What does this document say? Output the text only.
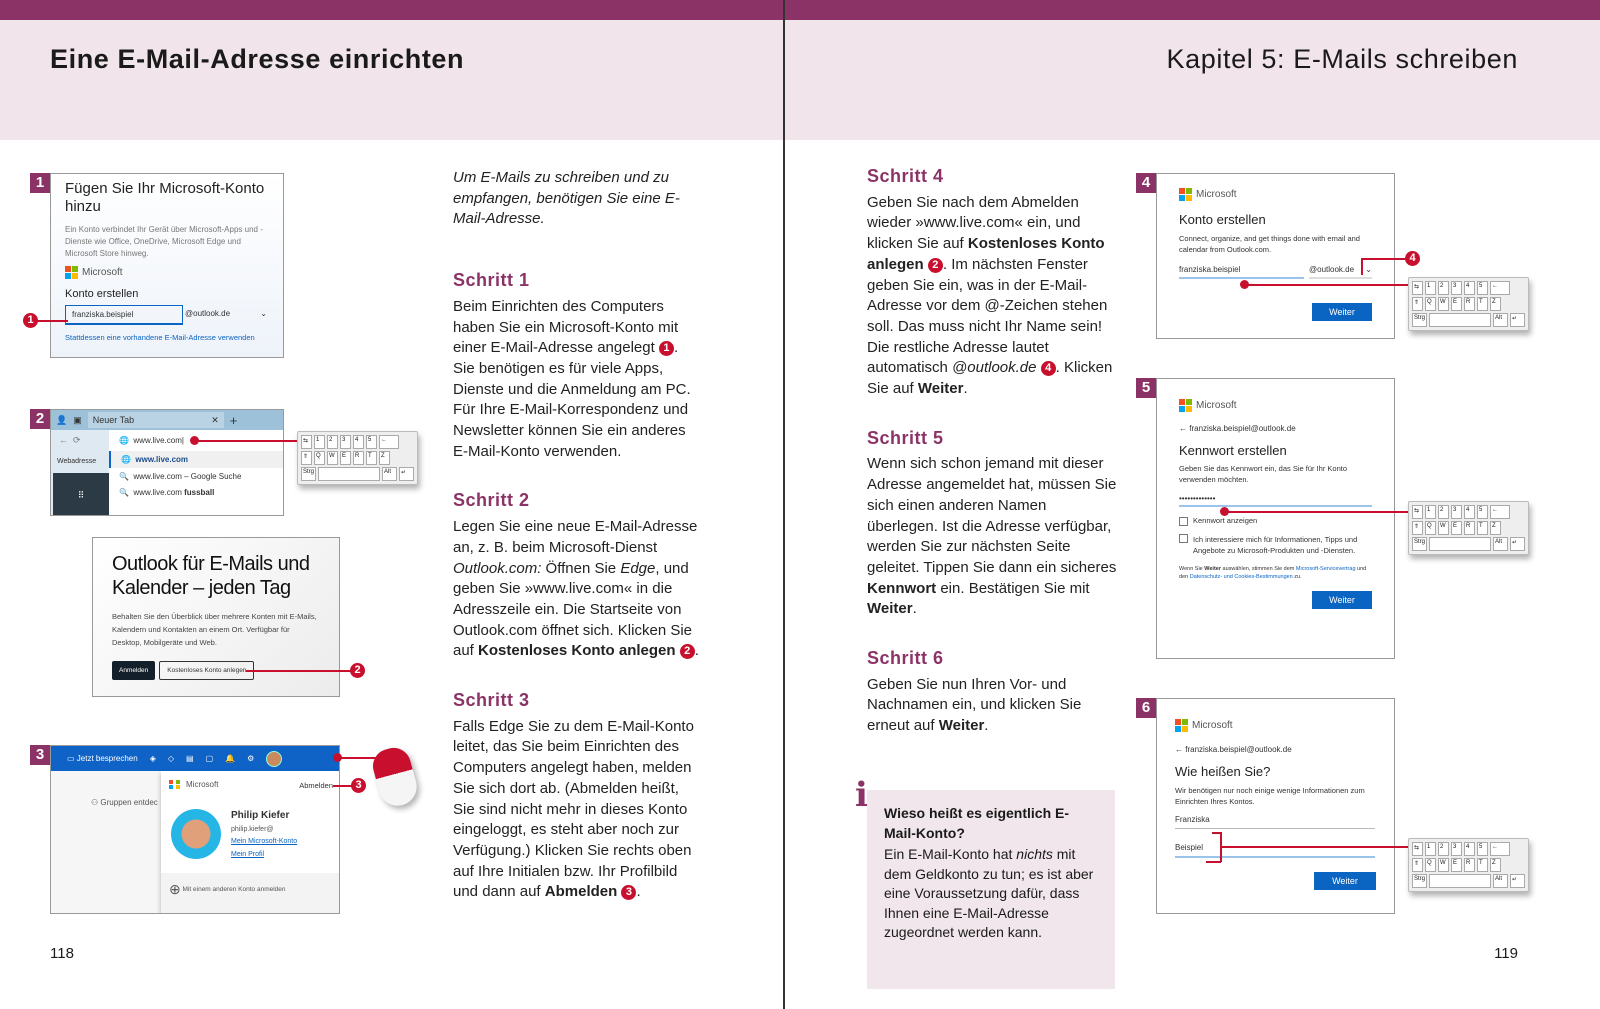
Eine E-Mail-Adresse einrichten	Kapitel 5: E-Mails schreiben

Um E-Mails zu schreiben und zu empfangen, benötigen Sie eine E-Mail-Adresse.

Schritt 1

Beim Einrichten des Computers haben Sie ein Microsoft-Konto mit einer E-Mail-Adresse angelegt 1 . Sie benötigen es für viele Apps, Dienste und die Anmeldung am PC. Für Ihre E-Mail-Korrespondenz und Newsletter können Sie ein anderes E-Mail-Konto verwenden.

Schritt 2

Legen Sie eine neue E-Mail-Adresse an, z. B. beim Microsoft-Dienst Outlook.com: Öffnen Sie Edge, und geben Sie »www.live.com« in die Adresszeile ein. Die Startseite von Outlook.com öffnet sich. Klicken Sie auf Kostenloses Konto anlegen 2 .

Schritt 3

Falls Edge Sie zu dem E-Mail-Konto leitet, das Sie beim Einrichten des Computers angelegt haben, melden Sie sich dort ab. (Abmelden heißt, Sie sind nicht mehr in dieses Konto eingeloggt, es steht aber noch zur Verfügung.) Klicken Sie rechts oben auf Ihre Initialen bzw. Ihr Profilbild und dann auf Abmelden 3 .

Schritt 4

Geben Sie nach dem Abmelden wieder »www.live.com« ein, und klicken Sie auf Kostenloses Konto anlegen 2 . Im nächsten Fenster geben Sie ein, was in der E-Mail-Adresse vor dem @-Zeichen stehen soll. Das muss nicht Ihr Name sein! Die restliche Adresse lautet automatisch @outlook.de 4 . Klicken Sie auf Weiter.

Schritt 5

Wenn sich schon jemand mit dieser Adresse angemeldet hat, müssen Sie sich einen anderen Namen überlegen. Ist die Adresse verfügbar, werden Sie zur nächsten Seite geleitet. Tippen Sie dann ein sicheres Kennwort ein. Bestätigen Sie mit Weiter.

Schritt 6

Geben Sie nun Ihren Vor- und Nachnamen ein, und klicken Sie erneut auf Weiter.

Wieso heißt es eigentlich E-Mail-Konto?
Ein E-Mail-Konto hat nichts mit dem Geldkonto zu tun; es ist aber eine Voraussetzung dafür, dass Ihnen eine E-Mail-Adresse zugeordnet werden kann.
i
1	Fügen Sie Ihr Microsoft-Konto hinzu
Ein Konto verbindet Ihr Gerät über Microsoft-Apps und -Dienste wie Office, OneDrive, Microsoft Edge und Microsoft Store hinweg.
Microsoft
Konto erstellen
franziska.beispiel	@outlook.de	⌄
Stattdessen eine vorhandene E-Mail-Adresse verwenden
1
2	👤 ▣ Neuer Tab	✕ +
←  ⟳
Webadresse
⠿
🌐  www.live.com|
🌐  www.live.com
🔍  www.live.com – Google Suche
🔍  www.live.com fussball
⇆	1	2	3	4	5	←
⇑	Q	W	E	R	T	Z
Strg	Alt	↵
Outlook für E-Mails und Kalender – jeden Tag
Behalten Sie den Überblick über mehrere Konten mit E-Mails, Kalendern und Kontakten an einem Ort. Verfügbar für Desktop, Mobilgeräte und Web.
Anmelden	Kostenloses Konto anlegen	2
3	▭ Jetzt besprechen ◈ ◇ ▤ ▢ 🔔 ⚙
⚇ Gruppen entdec
Microsoft	Abmelden
Philip Kiefer
philip.kiefer@
Mein Microsoft-Konto
Mein Profil
⊕ Mit einem anderen Konto anmelden
3
4
Microsoft
Konto erstellen
Connect, organize, and get things done with email and calendar from Outlook.com.
franziska.beispiel	@outlook.de ⌄
Weiter
4
⇆	1	2	3	4	5	←
⇑	Q	W	E	R	T	Z
Strg	Alt	↵
5
Microsoft
← franziska.beispiel@outlook.de
Kennwort erstellen
Geben Sie das Kennwort ein, das Sie für Ihr Konto verwenden möchten.
•••••••••••••
Kennwort anzeigen
Ich interessiere mich für Informationen, Tipps und Angebote zu Microsoft-Produkten und -Diensten.
Wenn Sie Weiter auswählen, stimmen Sie dem Microsoft-Servicevertrag und den Datenschutz- und Cookies-Bestimmungen zu.
Weiter
⇆	1	2	3	4	5	←
⇑	Q	W	E	R	T	Z
Strg	Alt	↵
6
Microsoft
← franziska.beispiel@outlook.de
Wie heißen Sie?
Wir benötigen nur noch einige wenige Informationen zum Einrichten Ihres Kontos.
Franziska
Beispiel
Weiter
⇆	1	2	3	4	5	←
⇑	Q	W	E	R	T	Z
Strg	Alt	↵
118	119
